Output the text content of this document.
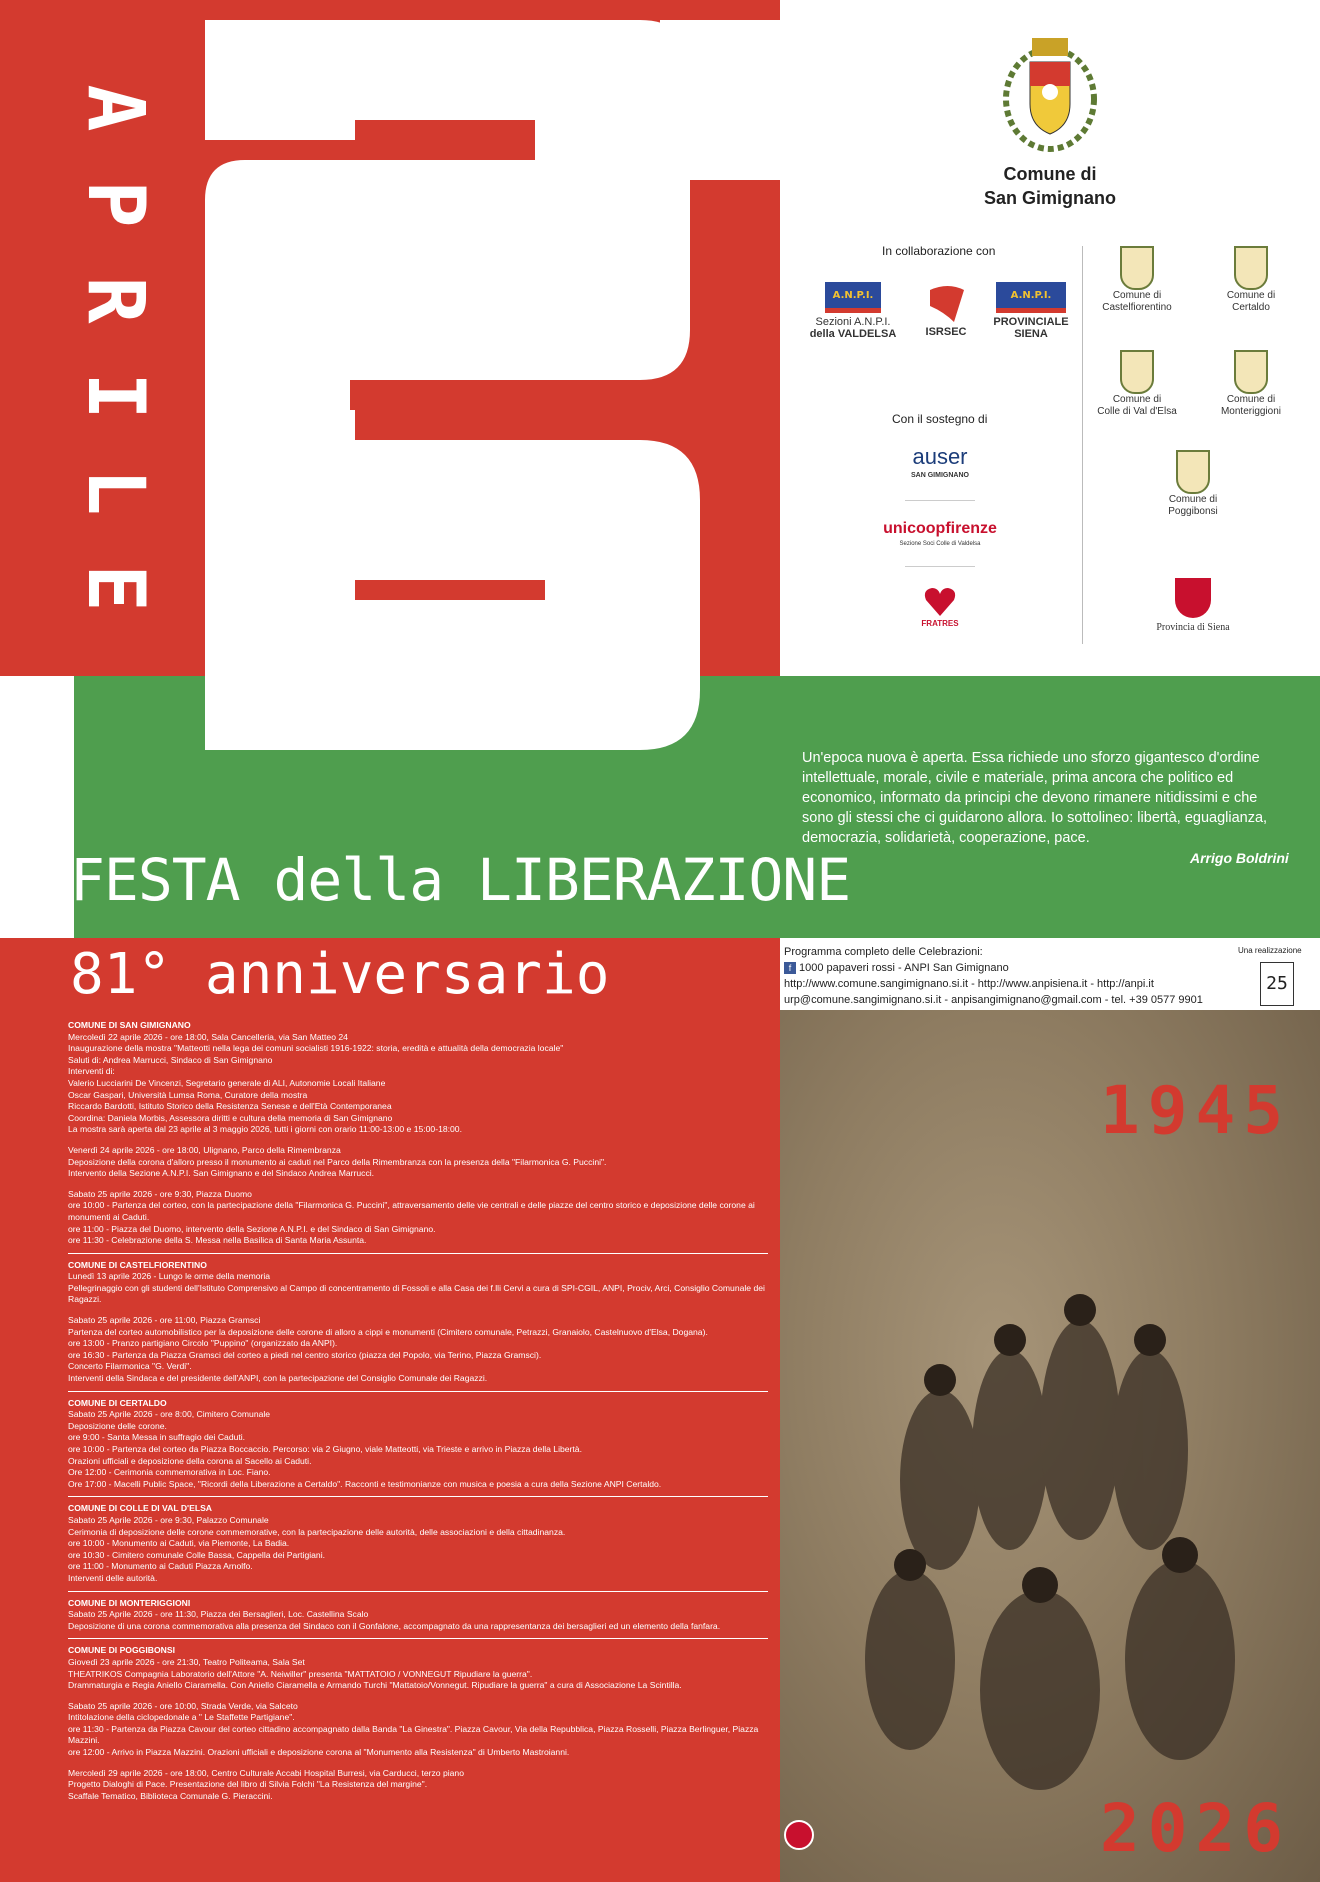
A
P
R
I
L
E
FESTA della LIBERAZIONE
81° anniversario
Comune di
San Gimignano
In collaborazione con
A.N.P.I.
Sezioni A.N.P.I.
della VALDELSA	ISRSEC
A.N.P.I.
PROVINCIALE
SIENA
Con il sostegno di
auser
SAN GIMIGNANO
unicoopfirenze
Sezione Soci Colle di Valdelsa
FRATRES
Comune di
Castelfiorentino
Comune di
Certaldo
Comune di
Colle di Val d'Elsa
Comune di
Monteriggioni
Comune di
Poggibonsi
Provincia di Siena
Un'epoca nuova è aperta. Essa richiede uno sforzo gigantesco d'ordine intellettuale, morale, civile e materiale, prima ancora che politico ed economico, informato da principi che devono rimanere nitidissimi e che sono gli stessi che ci guidarono allora. Io sottolineo: libertà, eguaglianza, democrazia, solidarietà, cooperazione, pace.
Arrigo Boldrini
Programma completo delle Celebrazioni:
f 1000 papaveri rossi - ANPI San Gimignano
http://www.comune.sangimignano.si.it - http://www.anpisiena.it - http://anpi.it
urp@comune.sangimignano.si.it - anpisangimignano@gmail.com - tel. +39 0577 9901
Una realizzazione
25
1945
2026
COMUNE DI SAN GIMIGNANO
Mercoledì 22 aprile 2026 - ore 18:00, Sala Cancelleria, via San Matteo 24
Inaugurazione della mostra "Matteotti nella lega dei comuni socialisti 1916-1922: storia, eredità e attualità della democrazia locale"
Saluti di: Andrea Marrucci, Sindaco di San Gimignano
Interventi di:
Valerio Lucciarini De Vincenzi, Segretario generale di ALI, Autonomie Locali Italiane
Oscar Gaspari, Università Lumsa Roma, Curatore della mostra
Riccardo Bardotti, Istituto Storico della Resistenza Senese e dell'Età Contemporanea
Coordina: Daniela Morbis, Assessora diritti e cultura della memoria di San Gimignano
La mostra sarà aperta dal 23 aprile al 3 maggio 2026, tutti i giorni con orario 11:00-13:00 e 15:00-18:00.
Venerdì 24 aprile 2026 - ore 18:00, Ulignano, Parco della Rimembranza
Deposizione della corona d'alloro presso il monumento ai caduti nel Parco della Rimembranza con la presenza della "Filarmonica G. Puccini".
Intervento della Sezione A.N.P.I. San Gimignano e del Sindaco Andrea Marrucci.
Sabato 25 aprile 2026 - ore 9:30, Piazza Duomo
ore 10:00 - Partenza del corteo, con la partecipazione della "Filarmonica G. Puccini", attraversamento delle vie centrali e delle piazze del centro storico e deposizione delle corone ai monumenti ai Caduti.
ore 11:00 - Piazza del Duomo, intervento della Sezione A.N.P.I. e del Sindaco di San Gimignano.
ore 11:30 - Celebrazione della S. Messa nella Basilica di Santa Maria Assunta.
COMUNE DI CASTELFIORENTINO
Lunedì 13 aprile 2026 - Lungo le orme della memoria
Pellegrinaggio con gli studenti dell'Istituto Comprensivo al Campo di concentramento di Fossoli e alla Casa dei f.lli Cervi a cura di SPI-CGIL, ANPI, Prociv, Arci, Consiglio Comunale dei Ragazzi.
Sabato 25 aprile 2026 - ore 11:00, Piazza Gramsci
Partenza del corteo automobilistico per la deposizione delle corone di alloro a cippi e monumenti (Cimitero comunale, Petrazzi, Granaiolo, Castelnuovo d'Elsa, Dogana).
ore 13:00 - Pranzo partigiano Circolo "Puppino" (organizzato da ANPI).
ore 16:30 - Partenza da Piazza Gramsci del corteo a piedi nel centro storico (piazza del Popolo, via Terino, Piazza Gramsci).
Concerto Filarmonica "G. Verdi".
Interventi della Sindaca e del presidente dell'ANPI, con la partecipazione del Consiglio Comunale dei Ragazzi.
COMUNE DI CERTALDO
Sabato 25 Aprile 2026 - ore 8:00, Cimitero Comunale
Deposizione delle corone.
ore 9:00 - Santa Messa in suffragio dei Caduti.
ore 10:00 - Partenza del corteo da Piazza Boccaccio. Percorso: via 2 Giugno, viale Matteotti, via Trieste e arrivo in Piazza della Libertà.
Orazioni ufficiali e deposizione della corona al Sacello ai Caduti.
Ore 12:00 - Cerimonia commemorativa in Loc. Fiano.
Ore 17:00 - Macelli Public Space, "Ricordi della Liberazione a Certaldo". Racconti e testimonianze con musica e poesia a cura della Sezione ANPI Certaldo.
COMUNE DI COLLE DI VAL D'ELSA
Sabato 25 Aprile 2026 - ore 9:30, Palazzo Comunale
Cerimonia di deposizione delle corone commemorative, con la partecipazione delle autorità, delle associazioni e della cittadinanza.
ore 10:00 - Monumento ai Caduti, via Piemonte, La Badia.
ore 10:30 - Cimitero comunale Colle Bassa, Cappella dei Partigiani.
ore 11:00 - Monumento ai Caduti Piazza Arnolfo.
Interventi delle autorità.
COMUNE DI MONTERIGGIONI
Sabato 25 Aprile 2026 - ore 11:30, Piazza dei Bersaglieri, Loc. Castellina Scalo
Deposizione di una corona commemorativa alla presenza del Sindaco con il Gonfalone, accompagnato da una rappresentanza dei bersaglieri ed un elemento della fanfara.
COMUNE DI POGGIBONSI
Giovedì 23 aprile 2026 - ore 21:30, Teatro Politeama, Sala Set
THEATRIKOS Compagnia Laboratorio dell'Attore "A. Neiwiller" presenta "MATTATOIO / VONNEGUT Ripudiare la guerra".
Drammaturgia e Regia Aniello Ciaramella. Con Aniello Ciaramella e Armando Turchi "Mattatoio/Vonnegut. Ripudiare la guerra" a cura di Associazione La Scintilla.
Sabato 25 aprile 2026 - ore 10:00, Strada Verde, via Salceto
Intitolazione della ciclopedonale a " Le Staffette Partigiane".
ore 11:30 - Partenza da Piazza Cavour del corteo cittadino accompagnato dalla Banda "La Ginestra". Piazza Cavour, Via della Repubblica, Piazza Rosselli, Piazza Berlinguer, Piazza Mazzini.
ore 12:00 - Arrivo in Piazza Mazzini. Orazioni ufficiali e deposizione corona al "Monumento alla Resistenza" di Umberto Mastroianni.
Mercoledì 29 aprile 2026 - ore 18:00, Centro Culturale Accabi Hospital Burresi, via Carducci, terzo piano
Progetto Dialoghi di Pace. Presentazione del libro di Silvia Folchi "La Resistenza del margine".
Scaffale Tematico, Biblioteca Comunale G. Pieraccini.
